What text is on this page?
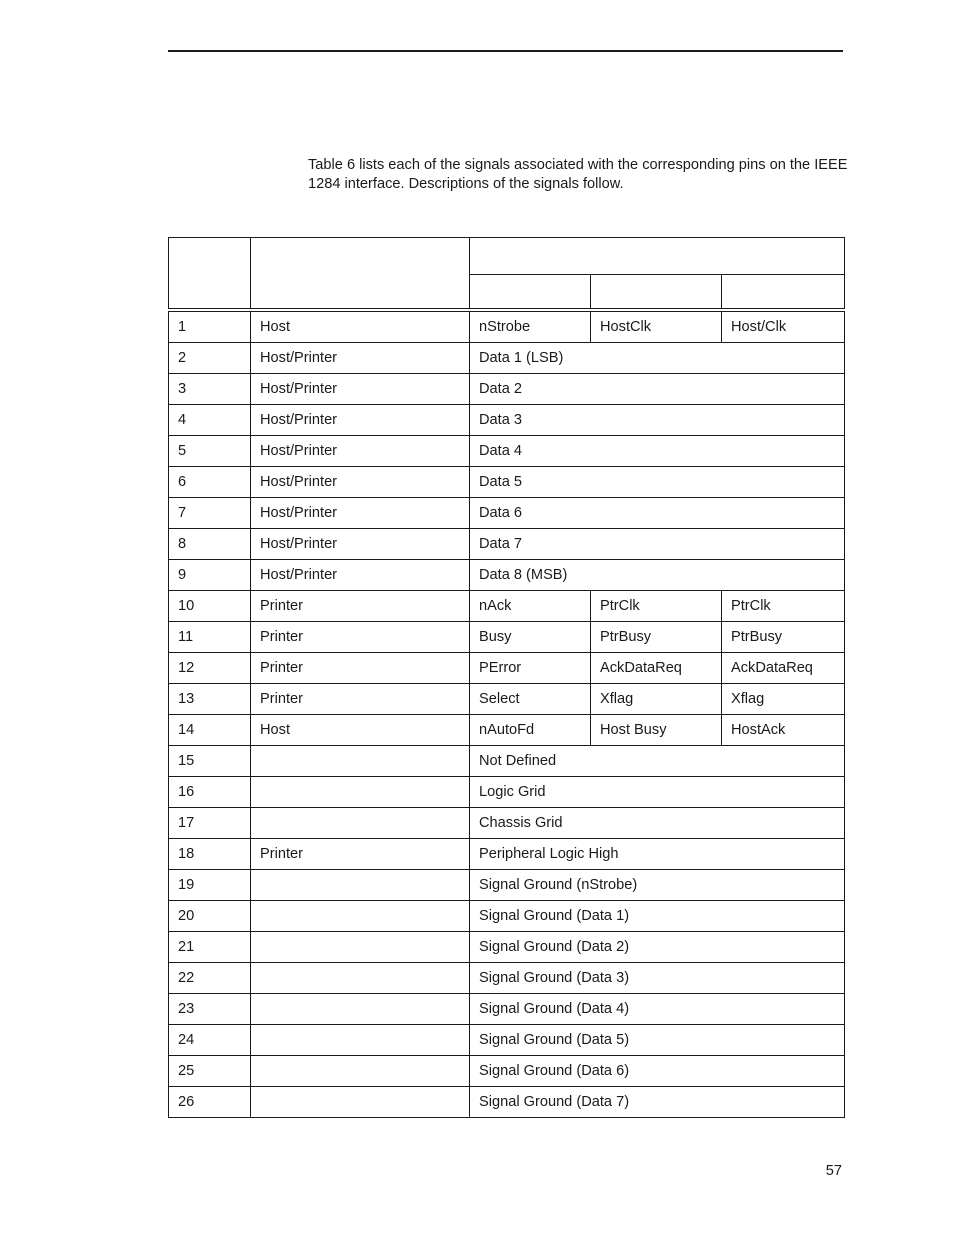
Table 6 lists each of the signals associated with the corresponding pins on the IEEE 1284 interface. Descriptions of the signals follow.

1	Host	nStrobe	HostClk	Host/Clk
2	Host/Printer	Data 1 (LSB)		
3	Host/Printer	Data 2		
4	Host/Printer	Data 3		
5	Host/Printer	Data 4		
6	Host/Printer	Data 5		
7	Host/Printer	Data 6		
8	Host/Printer	Data 7		
9	Host/Printer	Data 8 (MSB)		
10	Printer	nAck	PtrClk	PtrClk
11	Printer	Busy	PtrBusy	PtrBusy
12	Printer	PError	AckDataReq	AckDataReq
13	Printer	Select	Xflag	Xflag
14	Host	nAutoFd	Host Busy	HostAck
15		Not Defined		
16		Logic Grid		
17		Chassis Grid		
18	Printer	Peripheral Logic High		
19		Signal Ground (nStrobe)		
20		Signal Ground (Data 1)		
21		Signal Ground (Data 2)		
22		Signal Ground (Data 3)		
23		Signal Ground (Data 4)		
24		Signal Ground (Data 5)		
25		Signal Ground (Data 6)		
26		Signal Ground (Data 7)		
57
